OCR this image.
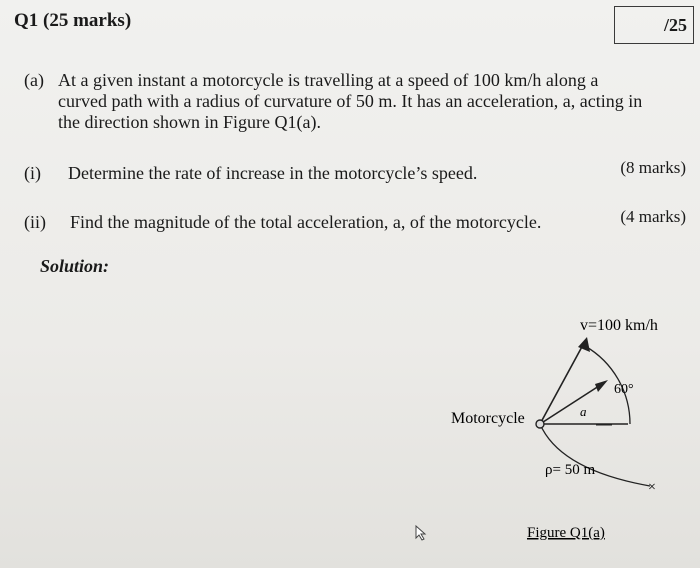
Q1 (25 marks)	/25
(a) At a given instant a motorcycle is travelling at a speed of 100 km/h along a
curved path with a radius of curvature of 50 m. It has an acceleration, a, acting in
the direction shown in Figure Q1(a).
(i) Determine the rate of increase in the motorcycle’s speed.	(8 marks)
(ii) Find the magnitude of the total acceleration, a, of the motorcycle.	(4 marks)
Solution:
v=100 km/h
60°
a
Motorcycle
ρ= 50 m
×
Figure Q1(a)
